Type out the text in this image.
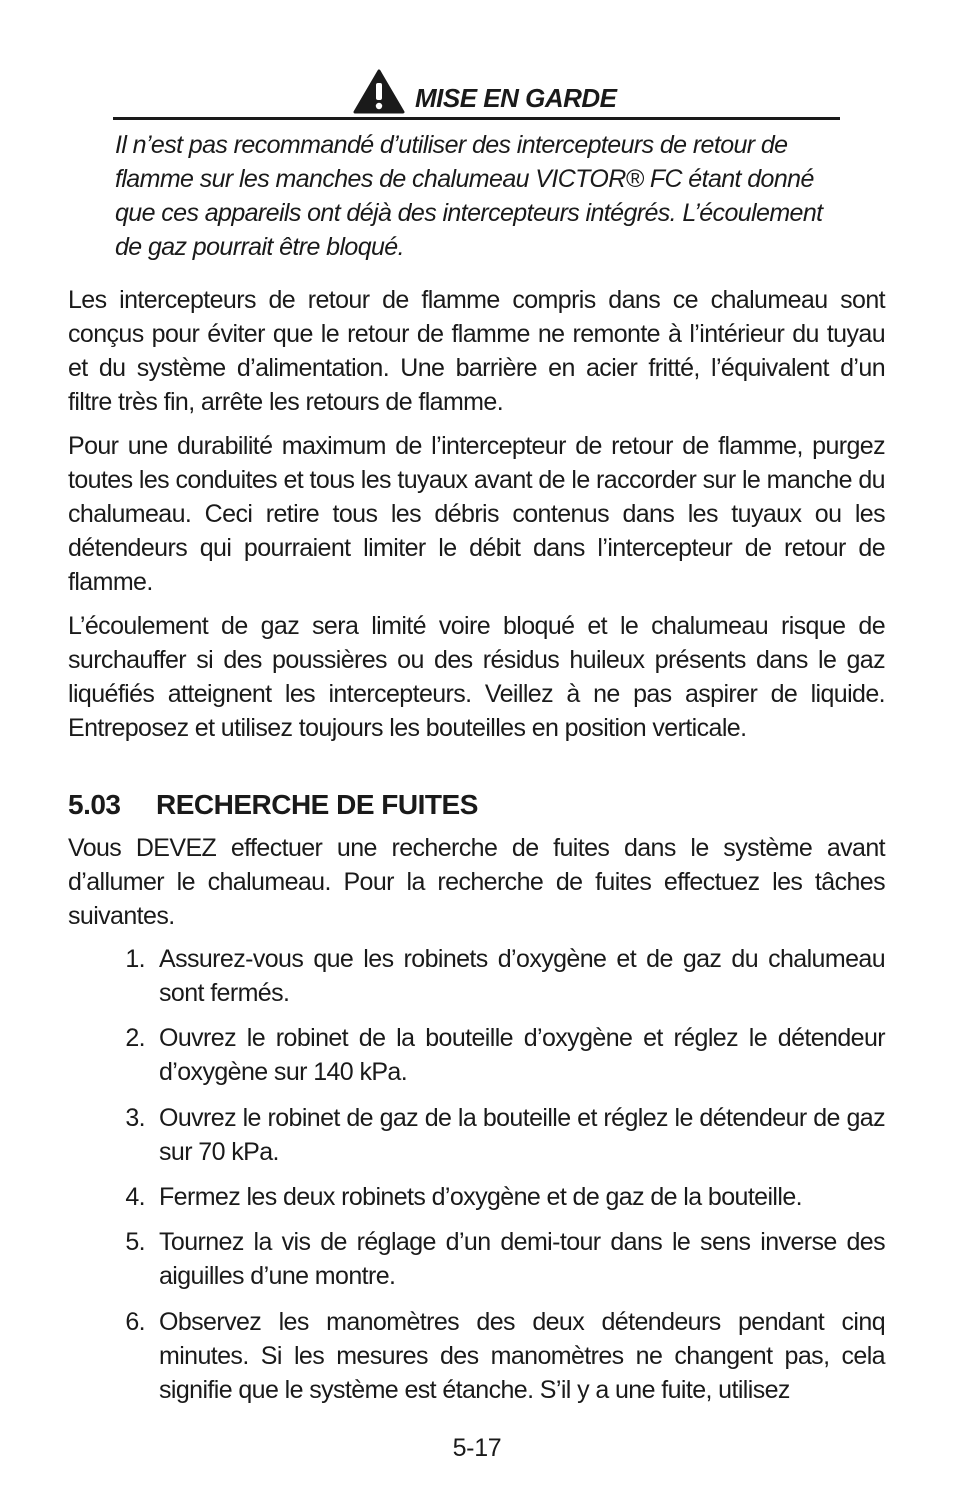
MISE EN GARDE

Il n’est pas recommandé d’utiliser des intercepteurs de retour de flamme sur les manches de chalumeau VICTOR® FC étant donné que ces appareils ont déjà des intercepteurs intégrés. L’écoulement de gaz pourrait être bloqué.

Les intercepteurs de retour de flamme compris dans ce chalumeau sont conçus pour éviter que le retour de flamme ne remonte à l’intérieur du tuyau et du système d’alimentation. Une barrière en acier fritté, l’équivalent d’un filtre très fin, arrête les retours de flamme.

Pour une durabilité maximum de l’intercepteur de retour de flamme, purgez toutes les conduites et tous les tuyaux avant de le raccorder sur le manche du chalumeau. Ceci retire tous les débris contenus dans les tuyaux ou les détendeurs qui pourraient limiter le débit dans l’intercepteur de retour de flamme.

L’écoulement de gaz sera limité voire bloqué et le chalumeau risque de surchauffer si des poussières ou des résidus huileux présents dans le gaz liquéfiés atteignent les intercepteurs. Veillez à ne pas aspirer de liquide. Entreposez et utilisez toujours les bouteilles en position verticale.

5.03 RECHERCHE DE FUITES

Vous DEVEZ effectuer une recherche de fuites dans le système avant d’allumer le chalumeau. Pour la recherche de fuites effectuez les tâches suivantes.

1. Assurez-vous que les robinets d’oxygène et de gaz du chalumeau sont fermés.

2. Ouvrez le robinet de la bouteille d’oxygène et réglez le détendeur d’oxygène sur 140 kPa.

3. Ouvrez le robinet de gaz de la bouteille et réglez le détendeur de gaz sur 70 kPa.

4. Fermez les deux robinets d’oxygène et de gaz de la bouteille.

5. Tournez la vis de réglage d’un demi-tour dans le sens inverse des aiguilles d’une montre.

6. Observez les manomètres des deux détendeurs pendant cinq minutes. Si les mesures des manomètres ne changent pas, cela signifie que le système est étanche. S’il y a une fuite, utilisez

5-17
